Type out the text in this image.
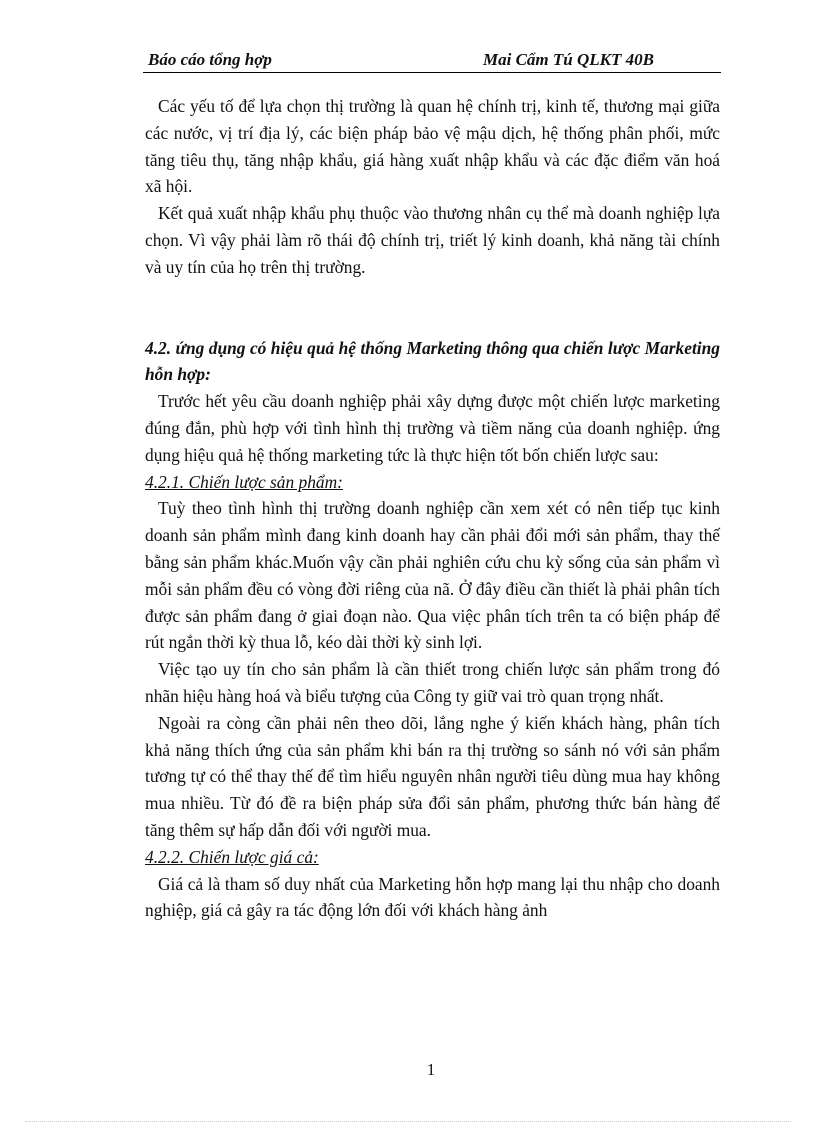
Báo cáo tổng hợp	Mai Cẩm Tú QLKT 40B

Các yếu tố để lựa chọn thị trường là quan hệ chính trị, kinh tế, thương mại giữa các nước, vị trí địa lý, các biện pháp bảo vệ mậu dịch, hệ thống phân phối, mức tăng tiêu thụ, tăng nhập khẩu, giá hàng xuất nhập khẩu và các đặc điểm văn hoá xã hội.

Kết quả xuất nhập khẩu phụ thuộc vào thương nhân cụ thể mà doanh nghiệp lựa chọn. Vì vậy phải làm rõ thái độ chính trị, triết lý kinh doanh, khả năng tài chính và uy tín của họ trên thị trường.

4.2. ứng dụng có hiệu quả hệ thống Marketing thông qua chiến lược Marketing hỗn hợp:

Trước hết yêu cầu doanh nghiệp phải xây dựng được một chiến lược marketing đúng đắn, phù hợp với tình hình thị trường và tiềm năng của doanh nghiệp. ứng dụng hiệu quả hệ thống marketing tức là thực hiện tốt bốn chiến lược sau:

4.2.1. Chiến lược sản phẩm:

Tuỳ theo tình hình thị trường doanh nghiệp cần xem xét có nên tiếp tục kinh doanh sản phẩm mình đang kinh doanh hay cần phải đổi mới sản phẩm, thay thế bằng sản phẩm khác.Muốn vậy cần phải nghiên cứu chu kỳ sống của sản phẩm vì mỗi sản phẩm đều có vòng đời riêng của nã. Ở đây điều cần thiết là phải phân tích được sản phẩm đang ở giai đoạn nào. Qua việc phân tích trên ta có biện pháp để rút ngắn thời kỳ thua lỗ, kéo dài thời kỳ sinh lợi.

Việc tạo uy tín cho sản phẩm là cần thiết trong chiến lược sản phẩm trong đó nhãn hiệu hàng hoá và biểu tượng của Công ty giữ vai trò quan trọng nhất.

Ngoài ra còng cần phải nên theo dõi, lắng nghe ý kiến khách hàng, phân tích khả năng thích ứng của sản phẩm khi bán ra thị trường so sánh nó với sản phẩm tương tự có thể thay thế để tìm hiểu nguyên nhân người tiêu dùng mua hay không mua nhiều. Từ đó đề ra biện pháp sửa đổi sản phẩm, phương thức bán hàng để tăng thêm sự hấp dẫn đối với người mua.

4.2.2. Chiến lược giá cả:

Giá cả là tham số duy nhất của Marketing hỗn hợp mang lại thu nhập cho doanh nghiệp, giá cả gây ra tác động lớn đối với khách hàng ảnh

1
